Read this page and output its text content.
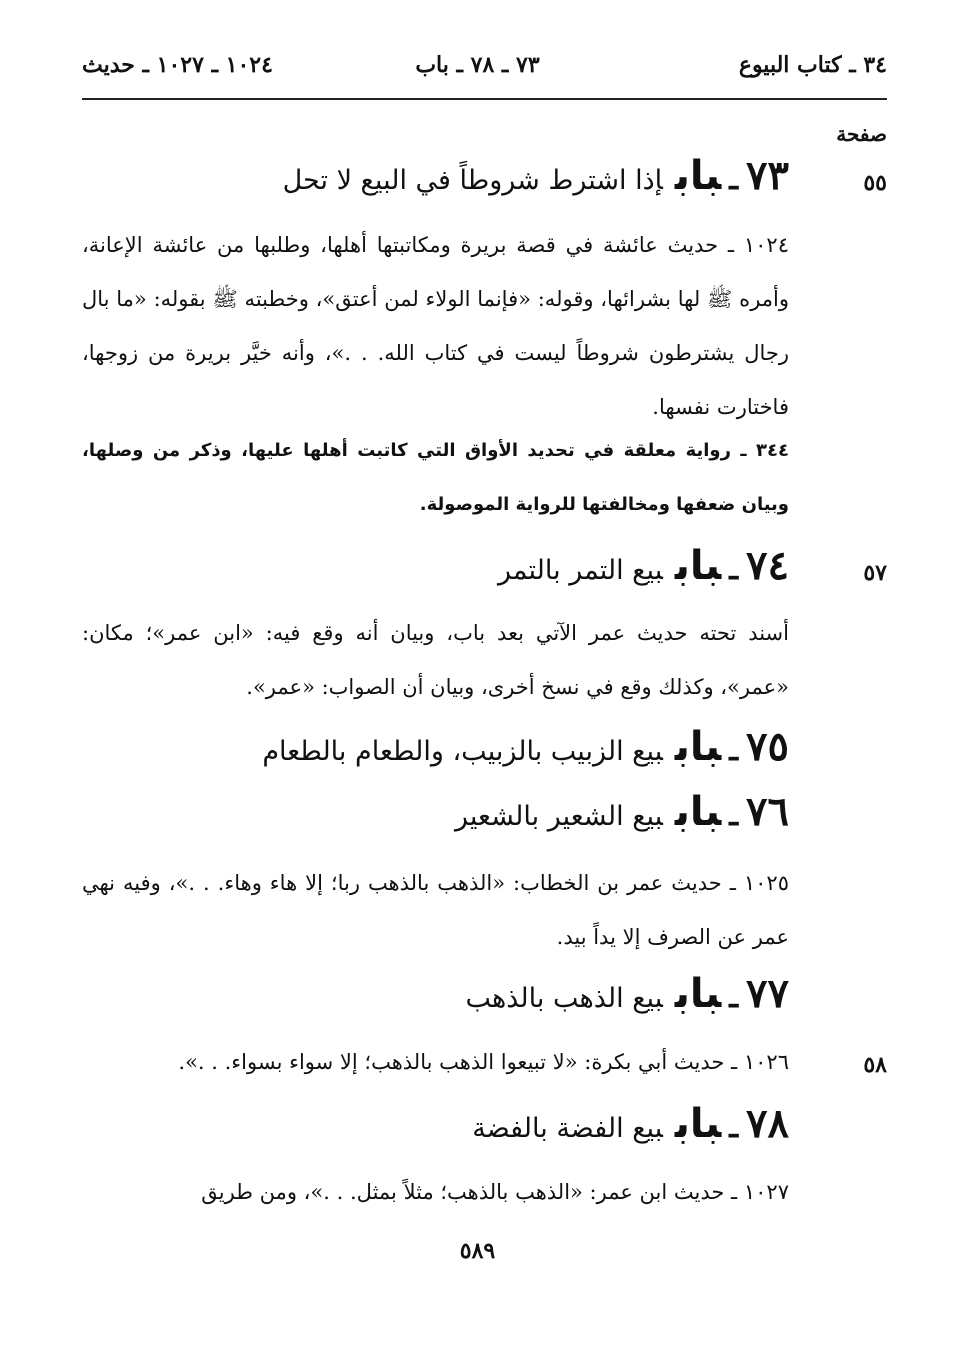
٣٤ ـ كتاب البيوع
٧٣ ـ ٧٨ ـ باب
١٠٢٤ ـ ١٠٢٧ ـ حديث
صفحة
٥٥
٧٣ـبابإذا اشترط شروطاً في البيع لا تحل
١٠٢٤ ـ حديث عائشة في قصة بريرة ومكاتبتها أهلها، وطلبها من عائشة الإعانة، وأمره ﷺ لها بشرائها، وقوله: «فإنما الولاء لمن أعتق»، وخطبته ﷺ بقوله: «ما بال رجال يشترطون شروطاً ليست في كتاب الله. . .»، وأنه خيَّر بريرة من زوجها، فاختارت نفسها.
٣٤٤ ـ رواية معلقة في تحديد الأواق التي كاتبت أهلها عليها، وذكر من وصلها، وبيان ضعفها ومخالفتها للرواية الموصولة.
٥٧
٧٤ـباببيع التمر بالتمر
أسند تحته حديث عمر الآتي بعد باب، وبيان أنه وقع فيه: «ابن عمر»؛ مكان: «عمر»، وكذلك وقع في نسخ أخرى، وبيان أن الصواب: «عمر».
٧٥ـباببيع الزبيب بالزبيب، والطعام بالطعام
٧٦ـباببيع الشعير بالشعير
١٠٢٥ ـ حديث عمر بن الخطاب: «الذهب بالذهب ربا؛ إلا هاء وهاء. . .»، وفيه نهي عمر عن الصرف إلا يداً بيد.
٧٧ـباببيع الذهب بالذهب
٥٨
١٠٢٦ ـ حديث أبي بكرة: «لا تبيعوا الذهب بالذهب؛ إلا سواء بسواء. . .».
٧٨ـباببيع الفضة بالفضة
١٠٢٧ ـ حديث ابن عمر: «الذهب بالذهب؛ مثلاً بمثل. . .»، ومن طريق
٥٨٩
